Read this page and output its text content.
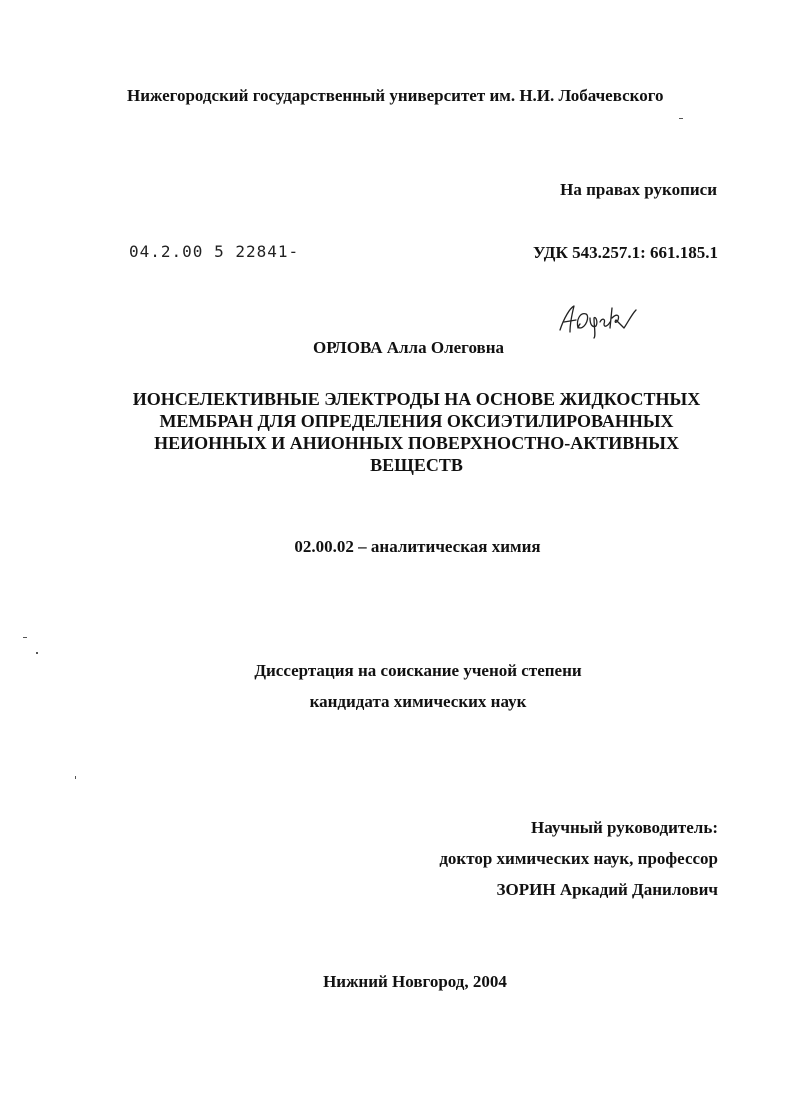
Нижегородский государственный университет им. Н.И. Лобачевского
На правах рукописи
04.2.00 5 22841-	УДК 543.257.1: 661.185.1
ОРЛОВА Алла Олеговна
ИОНСЕЛЕКТИВНЫЕ ЭЛЕКТРОДЫ НА ОСНОВЕ ЖИДКОСТНЫХ
МЕМБРАН ДЛЯ ОПРЕДЕЛЕНИЯ ОКСИЭТИЛИРОВАННЫХ
НЕИОННЫХ И АНИОННЫХ ПОВЕРХНОСТНО-АКТИВНЫХ
ВЕЩЕСТВ
02.00.02 – аналитическая химия
Диссертация на соискание ученой степени
кандидата химических наук
Научный руководитель:
доктор химических наук, профессор
ЗОРИН Аркадий Данилович
Нижний Новгород, 2004
